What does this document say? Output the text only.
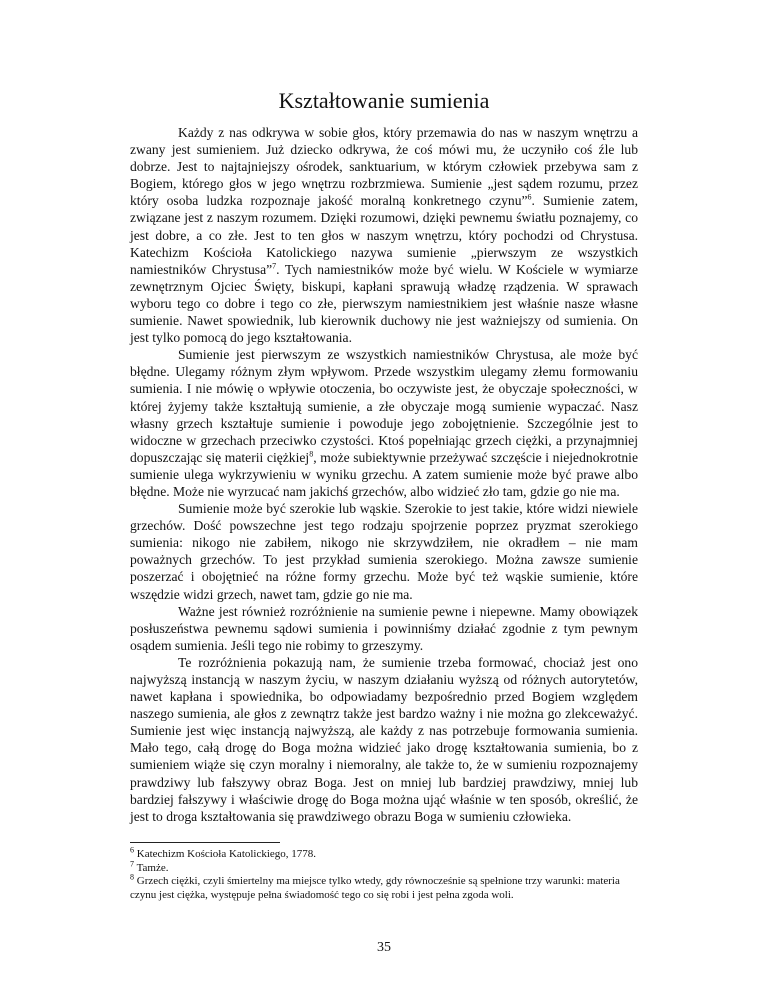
Kształtowanie sumienia

Każdy z nas odkrywa w sobie głos, który przemawia do nas w naszym wnętrzu a zwany jest sumieniem. Już dziecko odkrywa, że coś mówi mu, że uczyniło coś źle lub dobrze. Jest to najtajniejszy ośrodek, sanktuarium, w którym człowiek przebywa sam z Bogiem, którego głos w jego wnętrzu rozbrzmiewa. Sumienie „jest sądem rozumu, przez który osoba ludzka rozpoznaje jakość moralną konkretnego czynu”$^6$. Sumienie zatem, związane jest z naszym rozumem. Dzięki rozumowi, dzięki pewnemu światłu poznajemy, co jest dobre, a co złe. Jest to ten głos w naszym wnętrzu, który pochodzi od Chrystusa. Katechizm Kościoła Katolickiego nazywa sumienie „pierwszym ze wszystkich namiestników Chrystusa”$^7$. Tych namiestników może być wielu. W Kościele w wymiarze zewnętrznym Ojciec Święty, biskupi, kapłani sprawują władzę rządzenia. W sprawach wyboru tego co dobre i tego co złe, pierwszym namiestnikiem jest właśnie nasze własne sumienie. Nawet spowiednik, lub kierownik duchowy nie jest ważniejszy od sumienia. On jest tylko pomocą do jego kształtowania.

Sumienie jest pierwszym ze wszystkich namiestników Chrystusa, ale może być błędne. Ulegamy różnym złym wpływom. Przede wszystkim ulegamy złemu formowaniu sumienia. I nie mówię o wpływie otoczenia, bo oczywiste jest, że obyczaje społeczności, w której żyjemy także kształtują sumienie, a złe obyczaje mogą sumienie wypaczać. Nasz własny grzech kształtuje sumienie i powoduje jego zobojętnienie. Szczególnie jest to widoczne w grzechach przeciwko czystości. Ktoś popełniając grzech ciężki, a przynajmniej dopuszczając się materii ciężkiej$^8$, może subiektywnie przeżywać szczęście i niejednokrotnie sumienie ulega wykrzywieniu w wyniku grzechu. A zatem sumienie może być prawe albo błędne. Może nie wyrzucać nam jakichś grzechów, albo widzieć zło tam, gdzie go nie ma.

Sumienie może być szerokie lub wąskie. Szerokie to jest takie, które widzi niewiele grzechów. Dość powszechne jest tego rodzaju spojrzenie poprzez pryzmat szerokiego sumienia: nikogo nie zabiłem, nikogo nie skrzywdziłem, nie okradłem – nie mam poważnych grzechów. To jest przykład sumienia szerokiego. Można zawsze sumienie poszerzać i obojętnieć na różne formy grzechu. Może być też wąskie sumienie, które wszędzie widzi grzech, nawet tam, gdzie go nie ma.

Ważne jest również rozróżnienie na sumienie pewne i niepewne. Mamy obowiązek posłuszeństwa pewnemu sądowi sumienia i powinniśmy działać zgodnie z tym pewnym osądem sumienia. Jeśli tego nie robimy to grzeszymy.

Te rozróżnienia pokazują nam, że sumienie trzeba formować, chociaż jest ono najwyższą instancją w naszym życiu, w naszym działaniu wyższą od różnych autorytetów, nawet kapłana i spowiednika, bo odpowiadamy bezpośrednio przed Bogiem względem naszego sumienia, ale głos z zewnątrz także jest bardzo ważny i nie można go zlekceważyć. Sumienie jest więc instancją najwyższą, ale każdy z nas potrzebuje formowania sumienia. Mało tego, całą drogę do Boga można widzieć jako drogę kształtowania sumienia, bo z sumieniem wiąże się czyn moralny i niemoralny, ale także to, że w sumieniu rozpoznajemy prawdziwy lub fałszywy obraz Boga. Jest on mniej lub bardziej prawdziwy, mniej lub bardziej fałszywy i właściwie drogę do Boga można ująć właśnie w ten sposób, określić, że jest to droga kształtowania się prawdziwego obrazu Boga w sumieniu człowieka.

$^6$ Katechizm Kościoła Katolickiego, 1778.
$^7$ Tamże.
$^8$ Grzech ciężki, czyli śmiertelny ma miejsce tylko wtedy, gdy równocześnie są spełnione trzy warunki: materia czynu jest ciężka, występuje pełna świadomość tego co się robi i jest pełna zgoda woli.
35
